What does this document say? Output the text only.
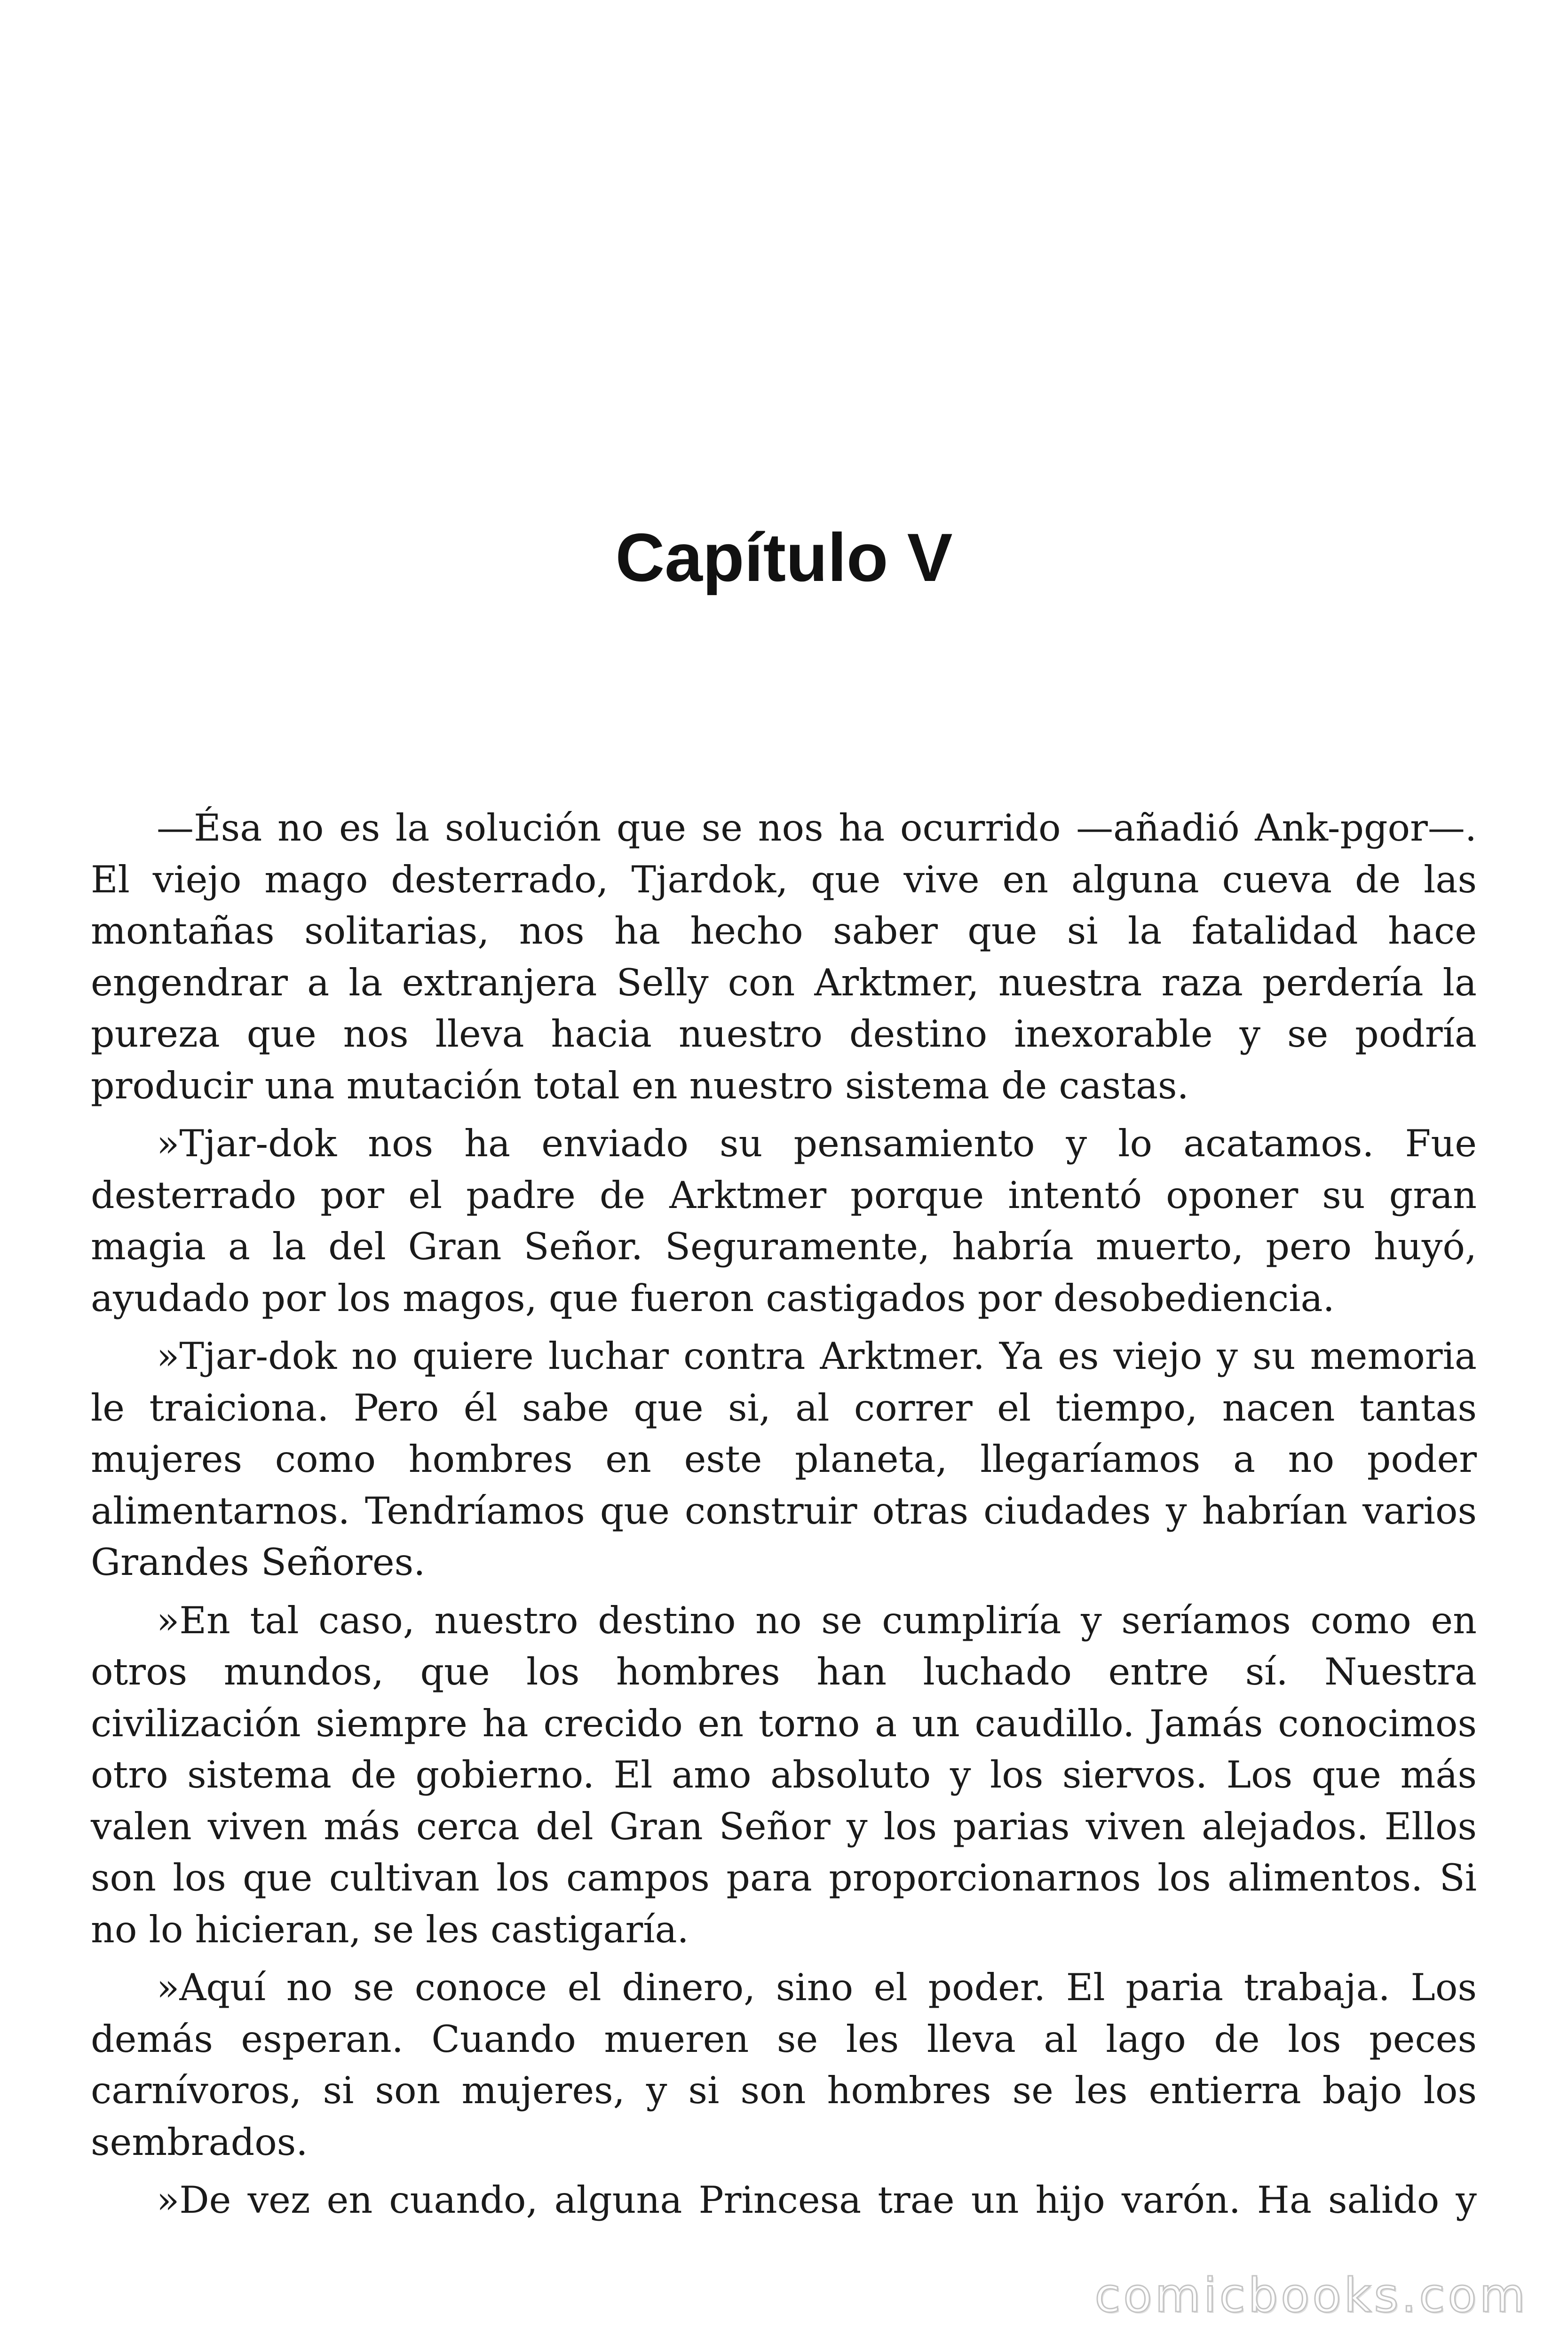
Capítulo V

—Ésa no es la solución que se nos ha ocurrido —añadió Ank-pgor—. El viejo mago desterrado, Tjardok, que vive en alguna cueva de las montañas solitarias, nos ha hecho saber que si la fatalidad hace engendrar a la extranjera Selly con Arktmer, nuestra raza perdería la pureza que nos lleva hacia nuestro destino inexorable y se podría producir una mutación total en nuestro sistema de castas.

»Tjar-dok nos ha enviado su pensamiento y lo acatamos. Fue desterrado por el padre de Arktmer porque intentó oponer su gran magia a la del Gran Señor. Seguramente, habría muerto, pero huyó, ayudado por los magos, que fueron castigados por desobediencia.

»Tjar-dok no quiere luchar contra Arktmer. Ya es viejo y su memoria le traiciona. Pero él sabe que si, al correr el tiempo, nacen tantas mujeres como hombres en este planeta, llegaríamos a no poder alimentarnos. Tendríamos que construir otras ciudades y habrían varios Grandes Señores.

»En tal caso, nuestro destino no se cumpliría y seríamos como en otros mundos, que los hombres han luchado entre sí. Nuestra civilización siempre ha crecido en torno a un caudillo. Jamás conocimos otro sistema de gobierno. El amo absoluto y los siervos. Los que más valen viven más cerca del Gran Señor y los parias viven alejados. Ellos son los que cultivan los campos para proporcionarnos los alimentos. Si no lo hicieran, se les castigaría.

»Aquí no se conoce el dinero, sino el poder. El paria trabaja. Los demás esperan. Cuando mueren se les lleva al lago de los peces carnívoros, si son mujeres, y si son hombres se les entierra bajo los sembrados.

»De vez en cuando, alguna Princesa trae un hijo varón. Ha salido y

comicbooks.com
